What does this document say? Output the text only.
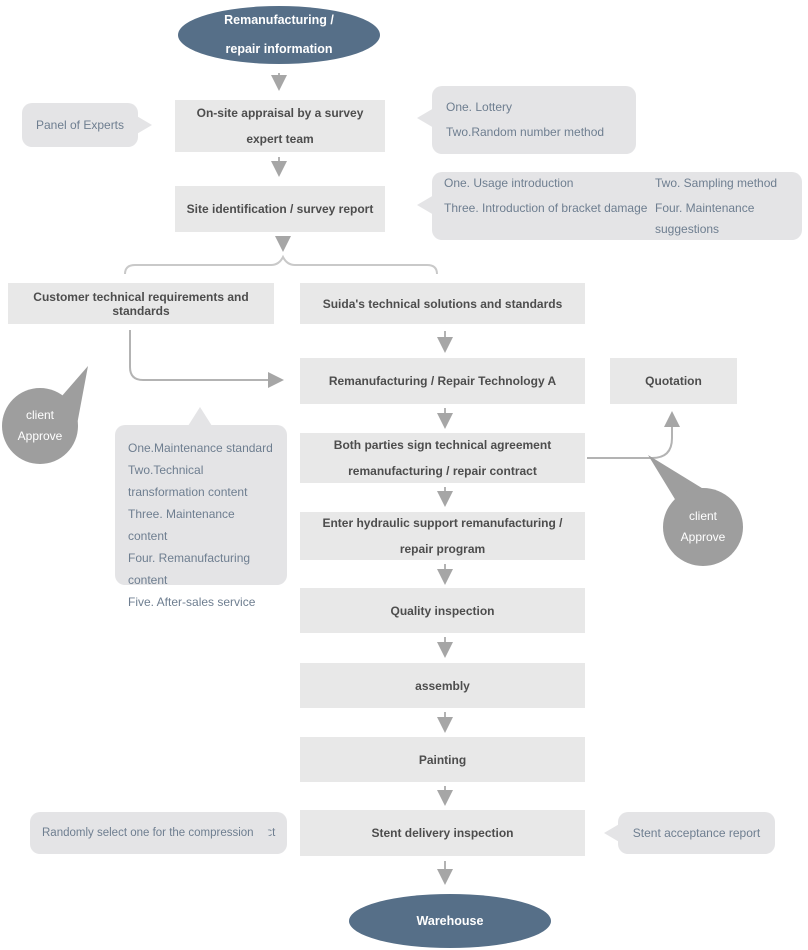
Remanufacturing /
repair information
On-site appraisal by a survey
expert team
Site identification / survey report
Customer technical requirements and standards	Suida's technical solutions and standards
Remanufacturing / Repair Technology A	Quotation
Both parties sign technical agreement
remanufacturing / repair contract
Enter hydraulic support remanufacturing /
repair program
Quality inspection
assembly
Painting
Stent delivery inspection
Warehouse
Panel of Experts
One. Lottery
Two.Random number method
One. Usage introduction	Two. Sampling method
Three. Introduction of bracket damage Four. Maintenance suggestions
One.Maintenance standard
Two.Technical transformation content
Three. Maintenance content
Four. Remanufacturing content
Five. After-sales service
client
Approve
client
Approve
Randomly select one for the compression test	Stent acceptance report
